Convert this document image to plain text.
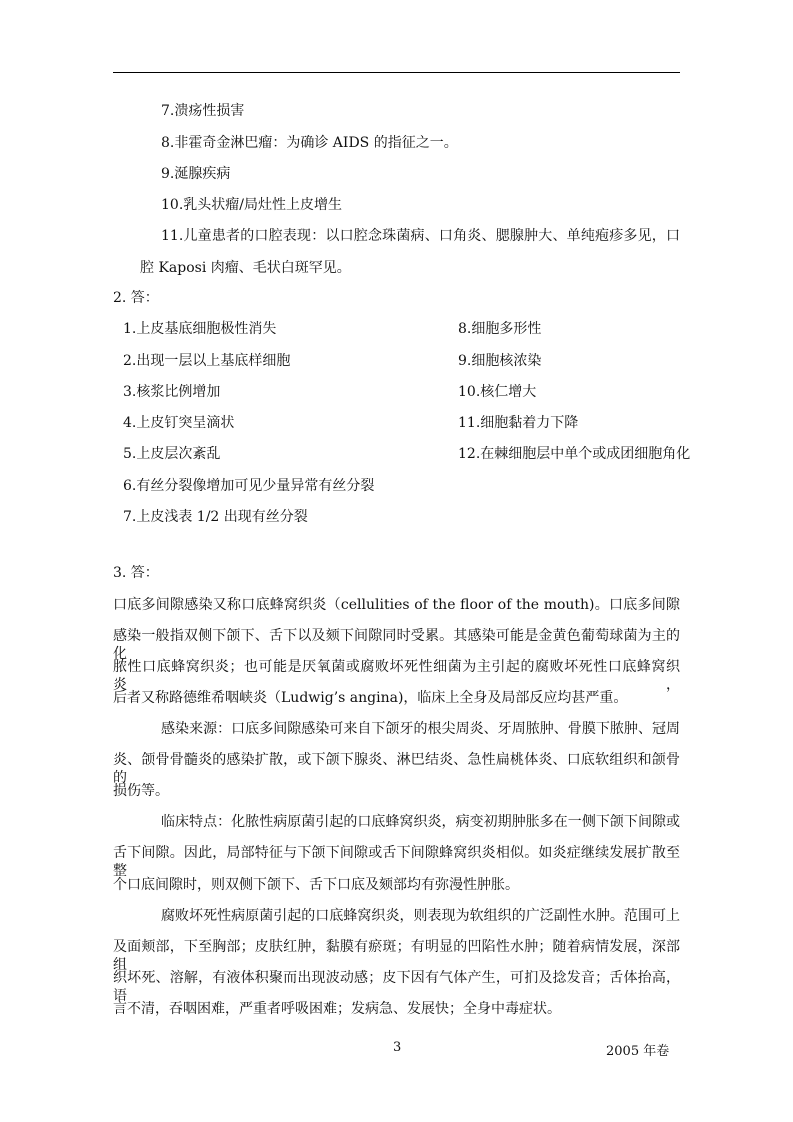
7.溃疡性损害
8.非霍奇金淋巴瘤：为确诊 AIDS 的指征之一。
9.涎腺疾病
10.乳头状瘤/局灶性上皮增生
11.儿童患者的口腔表现：以口腔念珠菌病、口角炎、腮腺肿大、单纯疱疹多见，口
腔 Kaposi 肉瘤、毛状白斑罕见。
2. 答：
1.上皮基底细胞极性消失
2.出现一层以上基底样细胞
3.核浆比例增加
4.上皮钉突呈滴状
5.上皮层次紊乱
6.有丝分裂像增加可见少量异常有丝分裂
7.上皮浅表 1/2 出现有丝分裂
8.细胞多形性
9.细胞核浓染
10.核仁增大
11.细胞黏着力下降
12.在棘细胞层中单个或成团细胞角化
3. 答：
口底多间隙感染又称口底蜂窝织炎（cellulities of the floor of the mouth)。口底多间隙
感染一般指双侧下颌下、舌下以及颏下间隙同时受累。其感染可能是金黄色葡萄球菌为主的化
脓性口底蜂窝织炎；也可能是厌氧菌或腐败坏死性细菌为主引起的腐败坏死性口底蜂窝织炎，
后者又称路德维希咽峡炎（Ludwig’s angina)，临床上全身及局部反应均甚严重。
感染来源：口底多间隙感染可来自下颌牙的根尖周炎、牙周脓肿、骨膜下脓肿、冠周
炎、颌骨骨髓炎的感染扩散，或下颌下腺炎、淋巴结炎、急性扁桃体炎、口底软组织和颌骨的
损伤等。
临床特点：化脓性病原菌引起的口底蜂窝织炎，病变初期肿胀多在一侧下颌下间隙或
舌下间隙。因此，局部特征与下颌下间隙或舌下间隙蜂窝织炎相似。如炎症继续发展扩散至整
个口底间隙时，则双侧下颌下、舌下口底及颏部均有弥漫性肿胀。
腐败坏死性病原菌引起的口底蜂窝织炎，则表现为软组织的广泛副性水肿。范围可上
及面颊部，下至胸部；皮肤红肿，黏膜有瘀斑；有明显的凹陷性水肿；随着病情发展，深部组
织坏死、溶解，有液体积聚而出现波动感；皮下因有气体产生，可扪及捻发音；舌体抬高，语
言不清，吞咽困难，严重者呼吸困难；发病急、发展快；全身中毒症状。
3	2005 年卷
